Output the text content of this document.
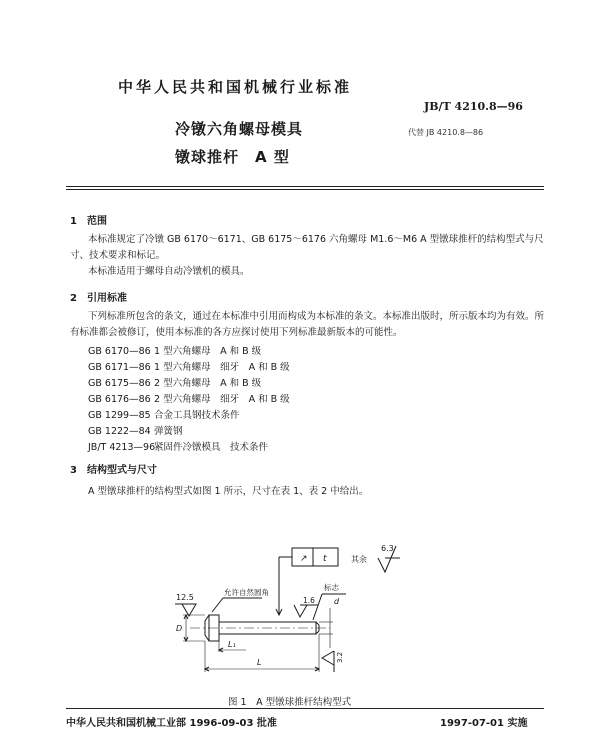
中华人民共和国机械行业标准
JB/T 4210.8—96
冷镦六角螺母模具
镦球推杆　A 型
代替 JB 4210.8—86
1　范围
本标准规定了冷镦 GB 6170～6171、GB 6175～6176 六角螺母 M1.6～M6 A 型镦球推杆的结构型式与尺寸、技术要求和标记。
本标准适用于螺母自动冷镦机的模具。
2　引用标准
下列标准所包含的条文，通过在本标准中引用而构成为本标准的条文。本标准出版时，所示版本均为有效。所有标准都会被修订，使用本标准的各方应探讨使用下列标准最新版本的可能性。
GB 6170—86 1 型六角螺母　A 和 B 级
GB 6171—86 1 型六角螺母　细牙　A 和 B 级
GB 6175—86 2 型六角螺母　A 和 B 级
GB 6176—86 2 型六角螺母　细牙　A 和 B 级
GB 1299—85 合金工具钢技术条件
GB 1222—84 弹簧钢
JB/T 4213—96紧固件冷镦模具　技术条件
3　结构型式与尺寸
A 型镦球推杆的结构型式如图 1 所示，尺寸在表 1、表 2 中给出。
↗ t	其余
6.3
12.5
允许自然圆角
标志
1.6
D
d
L₁
L	3.2
图 1　A 型镦球推杆结构型式
中华人民共和国机械工业部 1996-09-03 批准	1997-07-01 实施
